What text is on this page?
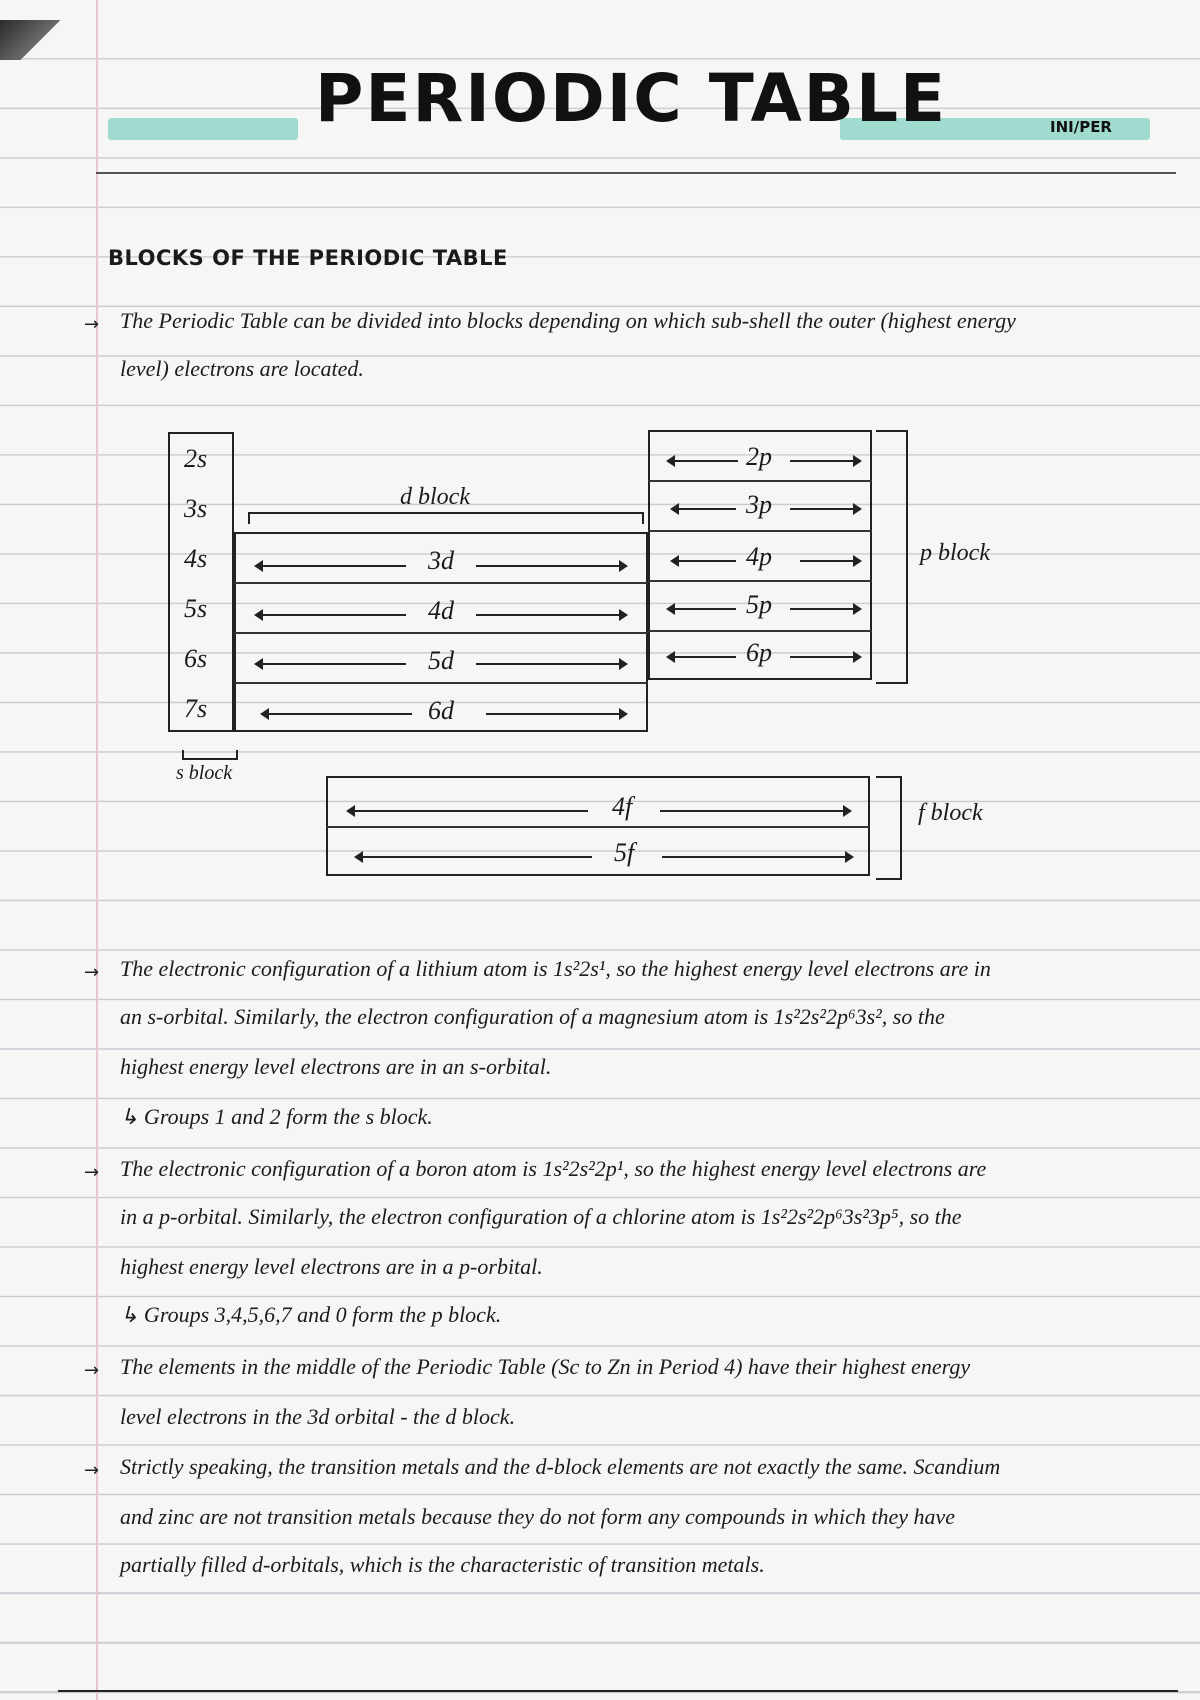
PERIODIC TABLE	INI/PER
BLOCKS OF THE PERIODIC TABLE
→ The Periodic Table can be divided into blocks depending on which sub-shell the outer (highest energy
level) electrons are located.
2s
3s
4s
5s
6s
7s
s block
d block
3d
4d
5d
6d
2p
3p
4p
5p
6p
p block
4f
5f
f block
→ The electronic configuration of a lithium atom is 1s²2s¹, so the highest energy level electrons are in
an s-orbital. Similarly, the electron configuration of a magnesium atom is 1s²2s²2p⁶3s², so the
highest energy level electrons are in an s-orbital.
↳ Groups 1 and 2 form the s block.
→ The electronic configuration of a boron atom is 1s²2s²2p¹, so the highest energy level electrons are
in a p-orbital. Similarly, the electron configuration of a chlorine atom is 1s²2s²2p⁶3s²3p⁵, so the
highest energy level electrons are in a p-orbital.
↳ Groups 3,4,5,6,7 and 0 form the p block.
→ The elements in the middle of the Periodic Table (Sc to Zn in Period 4) have their highest energy
level electrons in the 3d orbital - the d block.
→ Strictly speaking, the transition metals and the d-block elements are not exactly the same. Scandium
and zinc are not transition metals because they do not form any compounds in which they have
partially filled d-orbitals, which is the characteristic of transition metals.
